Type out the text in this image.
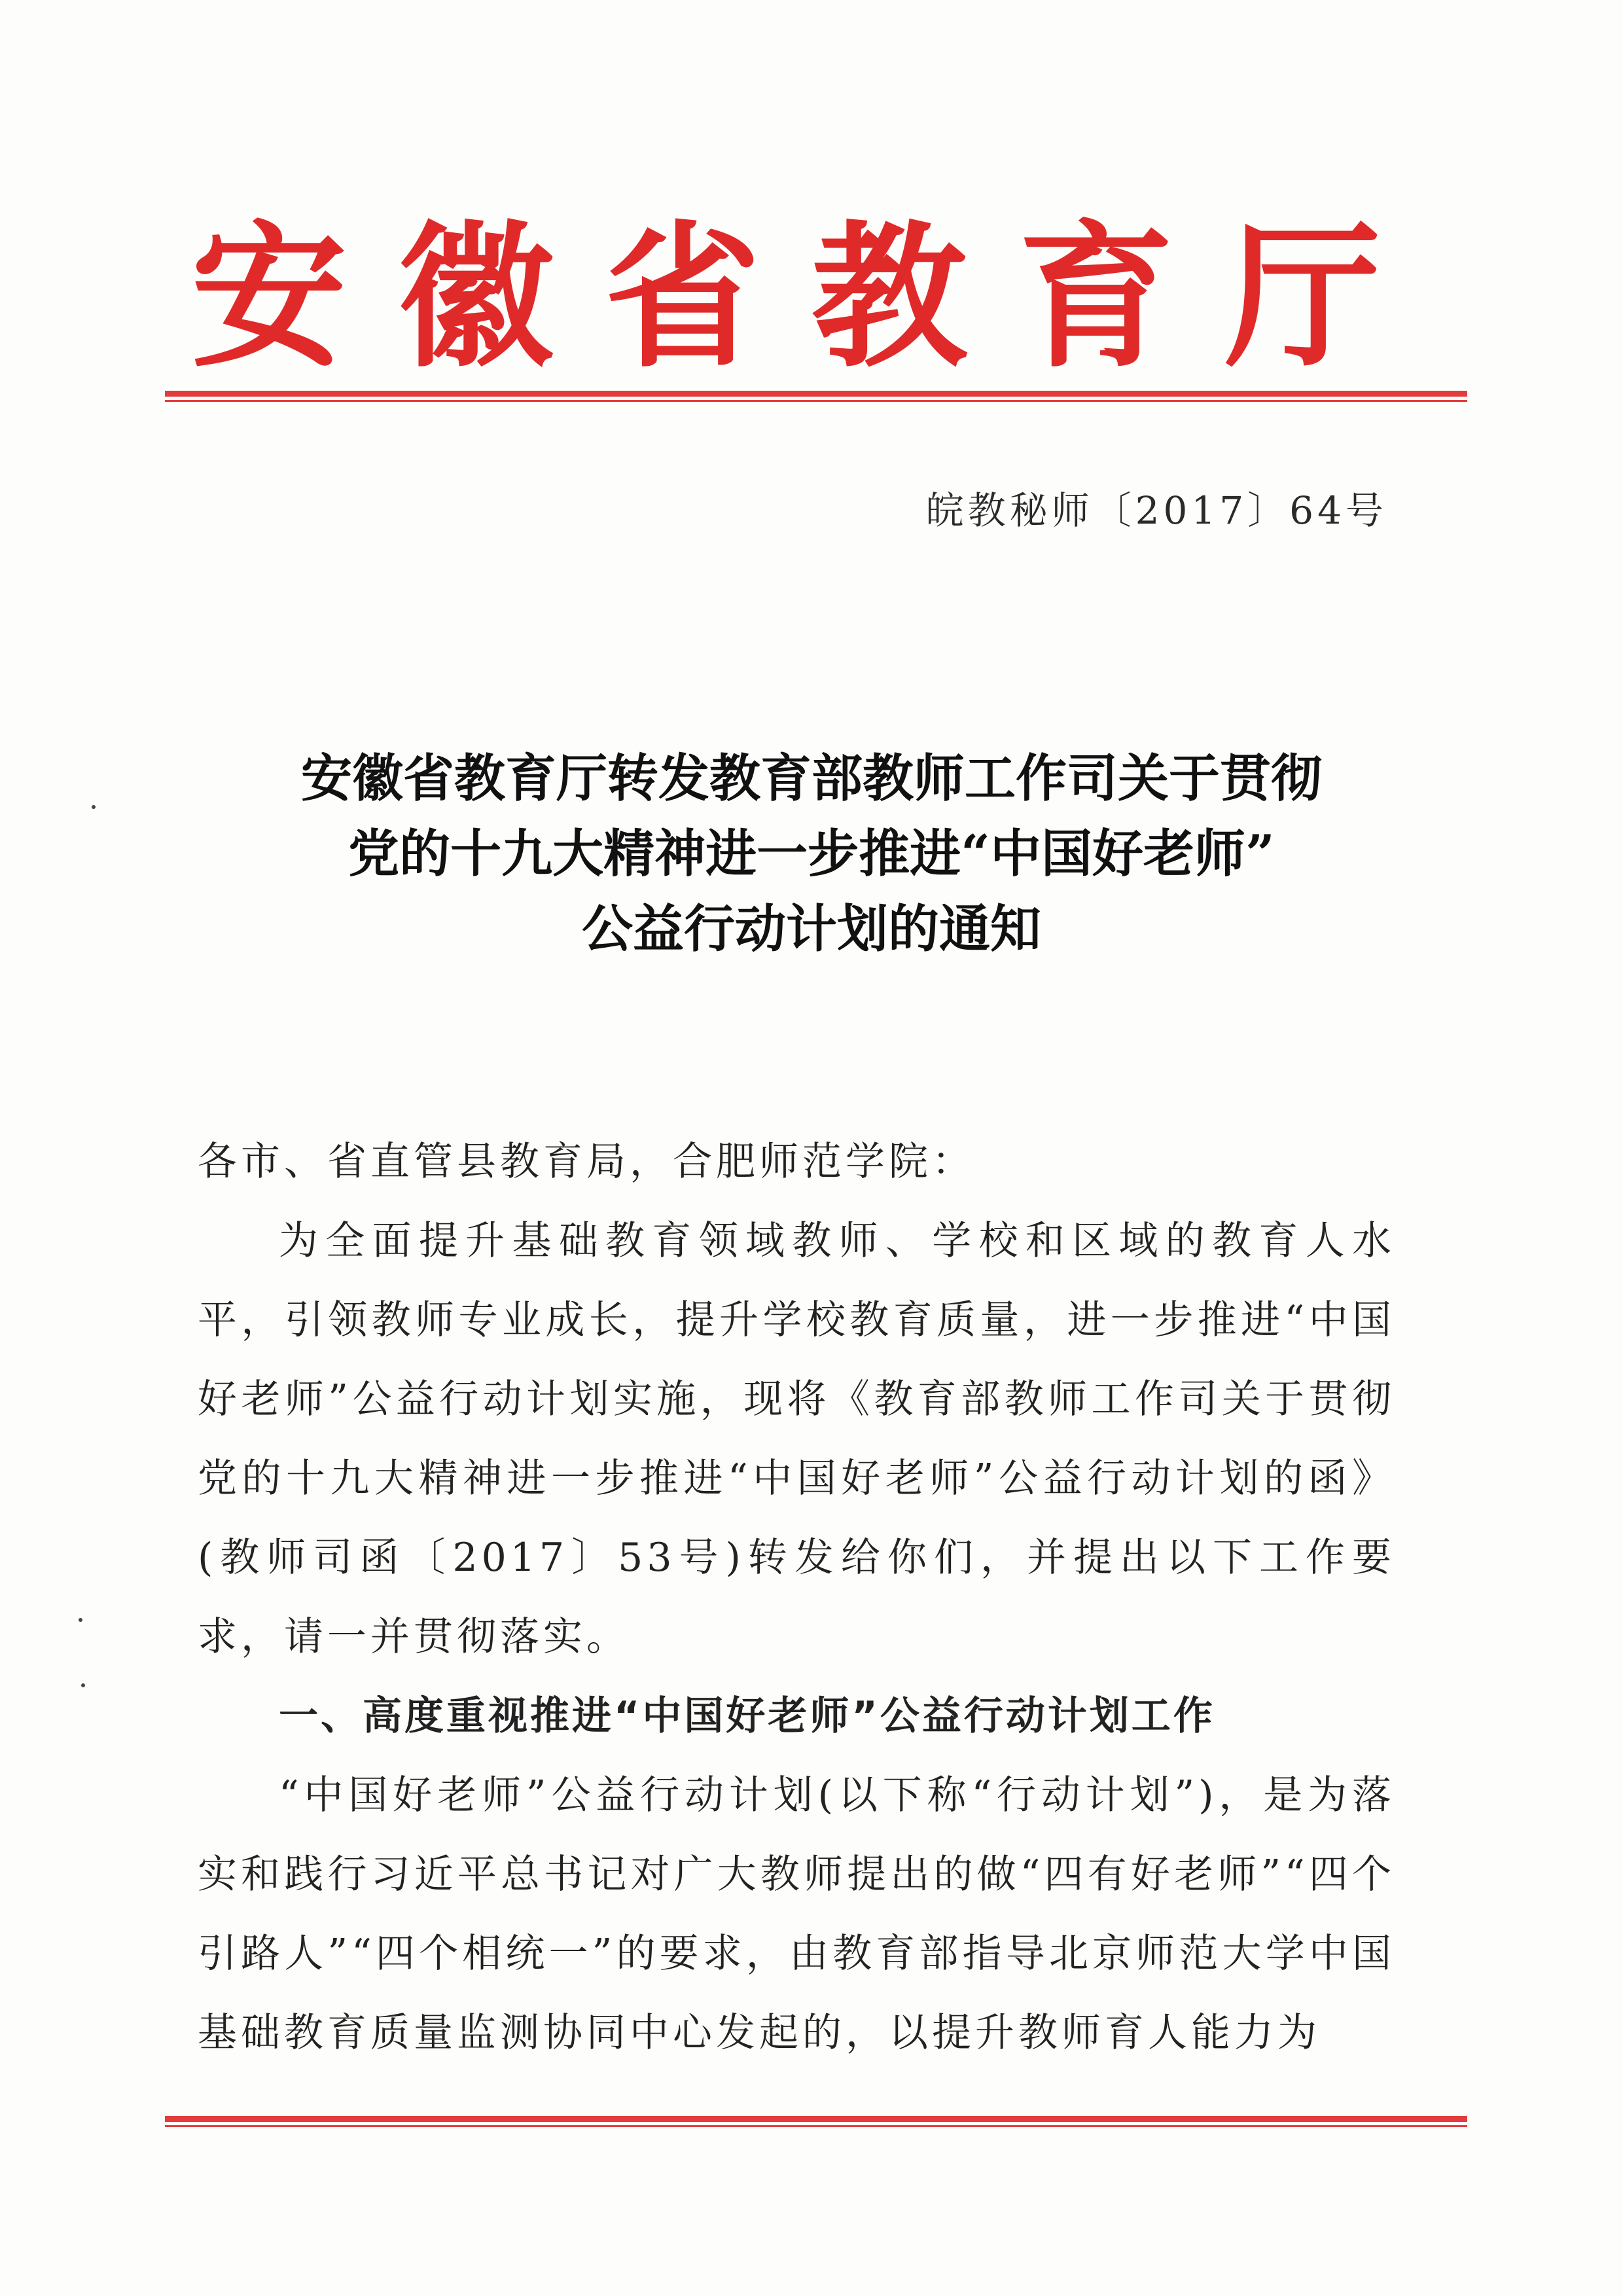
安徽省教育厅
皖教秘师〔2017〕64号
安徽省教育厅转发教育部教师工作司关于贯彻
党的十九大精神进一步推进“中国好老师”
公益行动计划的通知

各市、省直管县教育局，合肥师范学院：

为全面提升基础教育领域教师、学校和区域的教育人水平，引领教师专业成长，提升学校教育质量，进一步推进“中国好老师”公益行动计划实施，现将《教育部教师工作司关于贯彻党的十九大精神进一步推进“中国好老师”公益行动计划的函》(教师司函〔2017〕53号)转发给你们，并提出以下工作要求，请一并贯彻落实。

一、高度重视推进“中国好老师”公益行动计划工作

“中国好老师”公益行动计划(以下称“行动计划”)，是为落实和践行习近平总书记对广大教师提出的做“四有好老师”“四个引路人”“四个相统一”的要求，由教育部指导北京师范大学中国基础教育质量监测协同中心发起的，以提升教师育人能力为
